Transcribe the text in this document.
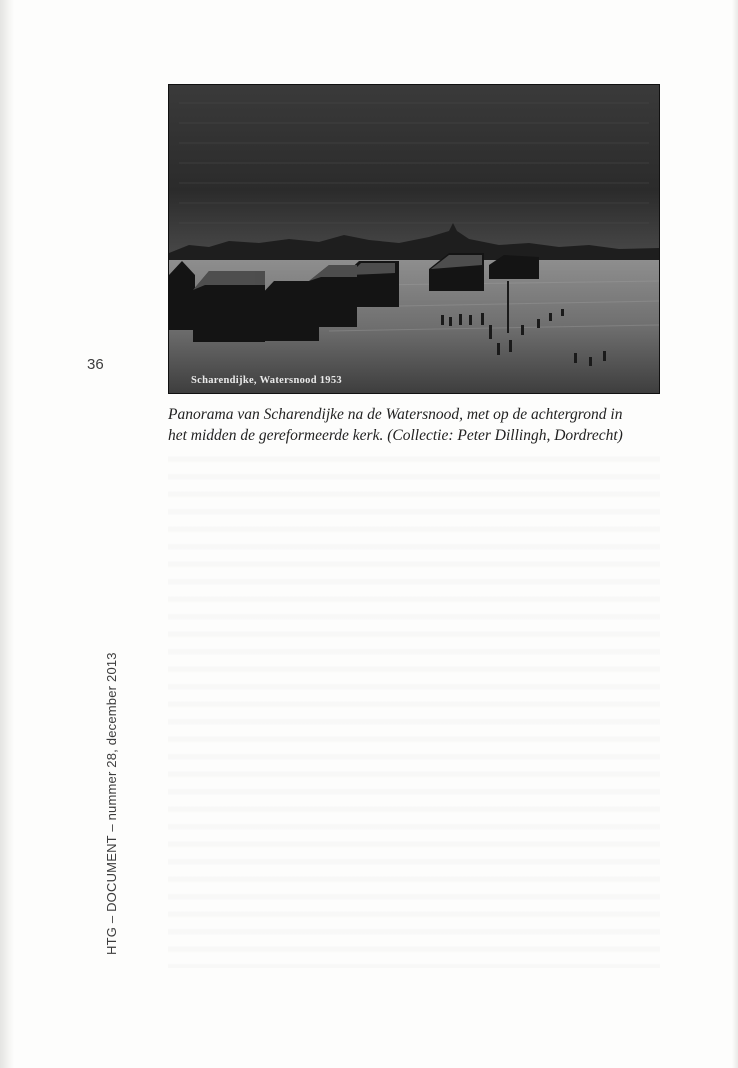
36
HTG – DOCUMENT – nummer 28, december 2013
Scharendijke, Watersnood 1953
Panorama van Scharendijke na de Watersnood, met op de achtergrond in
het midden de gereformeerde kerk. (Collectie: Peter Dillingh, Dordrecht)
